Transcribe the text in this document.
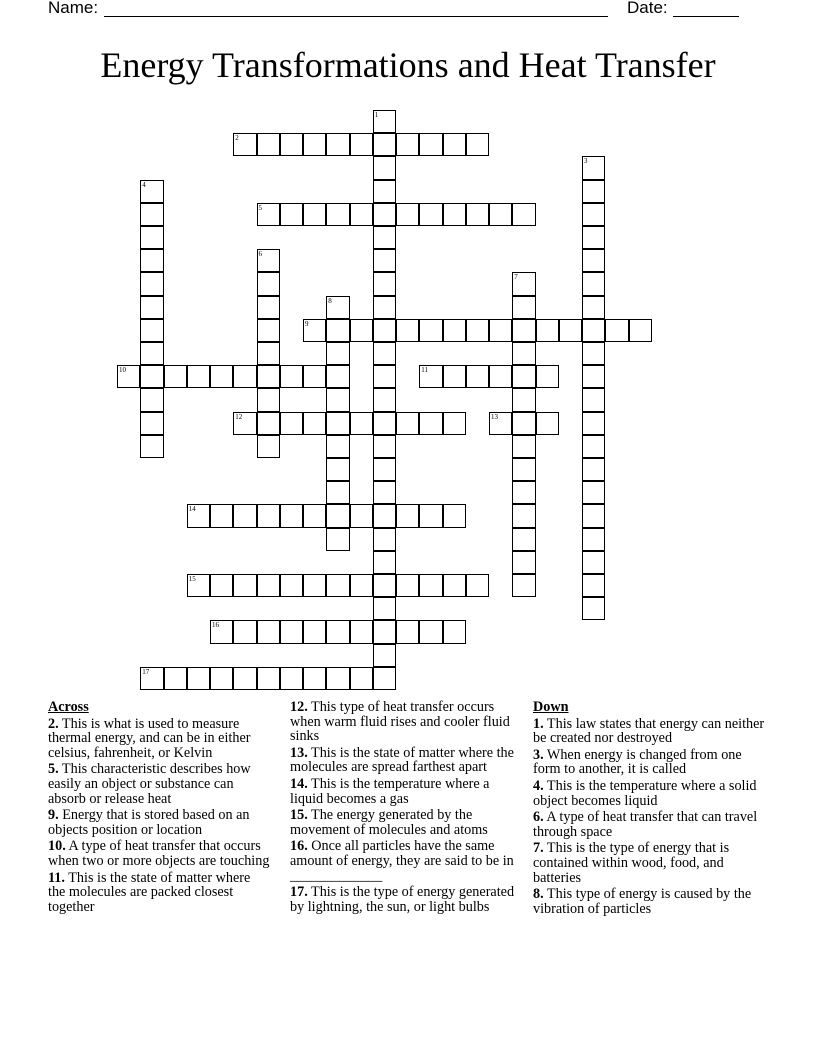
Name:	Date:
Energy Transformations and Heat Transfer
1
2
3
4
5
6
7
8
9
10	11
12	13
14
15
16
17
Across
2. This is what is used to measure thermal energy, and can be in either celsius, fahrenheit, or Kelvin
5. This characteristic describes how easily an object or substance can absorb or release heat
9. Energy that is stored based on an objects position or location
10. A type of heat transfer that occurs when two or more objects are touching
11. This is the state of matter where the molecules are packed closest together
12. This type of heat transfer occurs when warm fluid rises and cooler fluid sinks
13. This is the state of matter where the molecules are spread farthest apart
14. This is the temperature where a liquid becomes a gas
15. The energy generated by the movement of molecules and atoms
16. Once all particles have the same amount of energy, they are said to be in _____________
17. This is the type of energy generated by lightning, the sun, or light bulbs
Down
1. This law states that energy can neither be created nor destroyed
3. When energy is changed from one form to another, it is called
4. This is the temperature where a solid object becomes liquid
6. A type of heat transfer that can travel through space
7. This is the type of energy that is contained within wood, food, and batteries
8. This type of energy is caused by the vibration of particles
